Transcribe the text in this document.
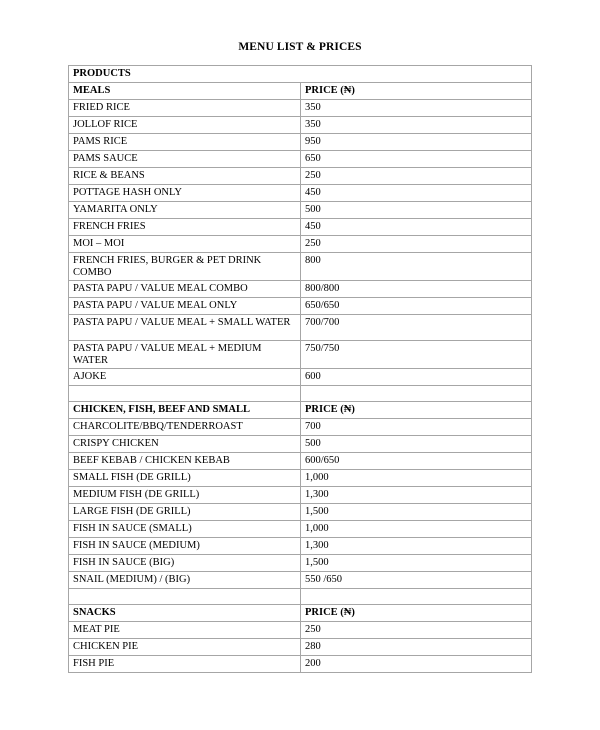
MENU LIST & PRICES
PRODUCTS	
MEALS	PRICE (₦)
FRIED RICE	350
JOLLOF RICE	350
PAMS RICE	950
PAMS SAUCE	650
RICE & BEANS	250
POTTAGE HASH ONLY	450
YAMARITA ONLY	500
FRENCH FRIES	450
MOI – MOI	250
FRENCH FRIES, BURGER & PET DRINK COMBO	800
PASTA PAPU / VALUE MEAL COMBO	800/800
PASTA PAPU / VALUE MEAL ONLY	650/650
PASTA PAPU / VALUE MEAL + SMALL WATER	700/700
PASTA PAPU / VALUE MEAL + MEDIUM WATER	750/750
AJOKE	600

CHICKEN, FISH, BEEF AND SMALL	PRICE (₦)
CHARCOLITE/BBQ/TENDERROAST	700
CRISPY CHICKEN	500
BEEF KEBAB / CHICKEN KEBAB	600/650
SMALL FISH (DE GRILL)	1,000
MEDIUM FISH (DE GRILL)	1,300
LARGE FISH (DE GRILL)	1,500
FISH IN SAUCE (SMALL)	1,000
FISH IN SAUCE (MEDIUM)	1,300
FISH IN SAUCE (BIG)	1,500
SNAIL (MEDIUM) / (BIG)	550 /650

SNACKS	PRICE (₦)
MEAT PIE	250
CHICKEN PIE	280
FISH PIE	200
